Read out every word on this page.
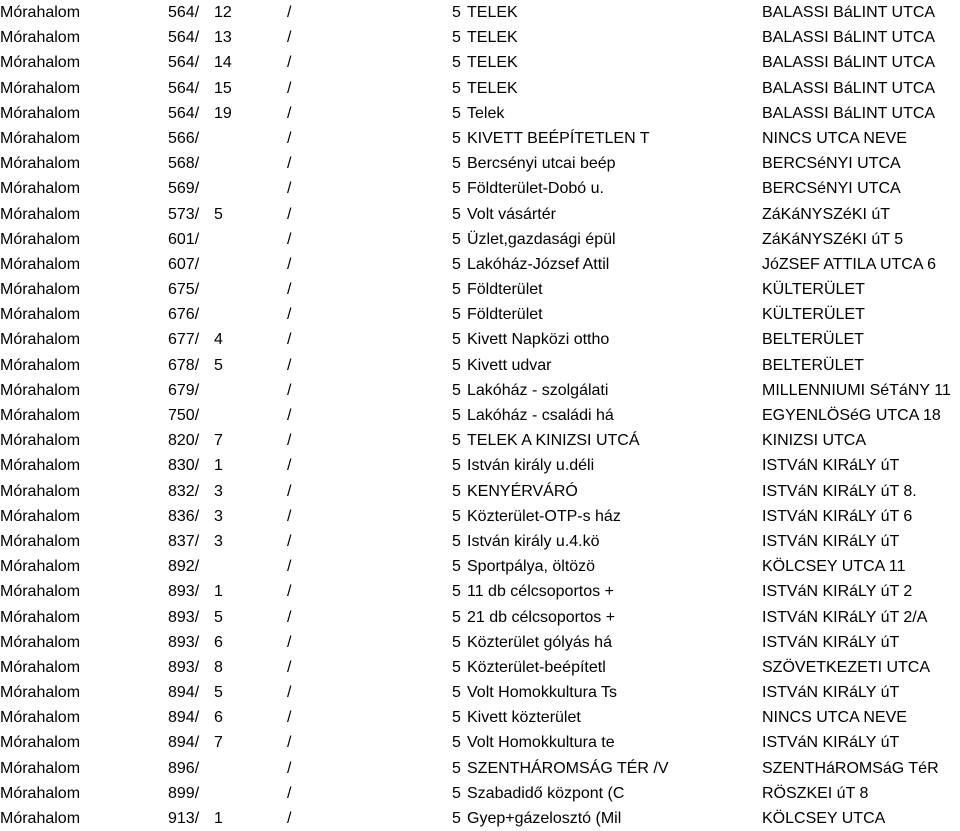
Mórahalom	564/ 12	/	5 TELEK	BALASSI BáLINT UTCA
Mórahalom	564/ 13	/	5 TELEK	BALASSI BáLINT UTCA
Mórahalom	564/ 14	/	5 TELEK	BALASSI BáLINT UTCA
Mórahalom	564/ 15	/	5 TELEK	BALASSI BáLINT UTCA
Mórahalom	564/ 19	/	5 Telek	BALASSI BáLINT UTCA
Mórahalom	566/	/	5 KIVETT BEÉPÍTETLEN T	NINCS UTCA NEVE
Mórahalom	568/	/	5 Bercsényi utcai beép	BERCSéNYI UTCA
Mórahalom	569/	/	5 Földterület-Dobó u.	BERCSéNYI UTCA
Mórahalom	573/ 5	/	5 Volt vásártér	ZáKáNYSZéKI úT
Mórahalom	601/	/	5 Üzlet,gazdasági épül	ZáKáNYSZéKI úT 5
Mórahalom	607/	/	5 Lakóház-József Attil	JóZSEF ATTILA UTCA 6
Mórahalom	675/	/	5 Földterület	KÜLTERÜLET
Mórahalom	676/	/	5 Földterület	KÜLTERÜLET
Mórahalom	677/ 4	/	5 Kivett Napközi ottho	BELTERÜLET
Mórahalom	678/ 5	/	5 Kivett udvar	BELTERÜLET
Mórahalom	679/	/	5 Lakóház - szolgálati	MILLENNIUMI SéTáNY 11
Mórahalom	750/	/	5 Lakóház - családi há	EGYENLÖSéG UTCA 18
Mórahalom	820/ 7	/	5 TELEK A KINIZSI UTCÁ	KINIZSI UTCA
Mórahalom	830/ 1	/	5 István király u.déli	ISTVáN KIRáLY úT
Mórahalom	832/ 3	/	5 KENYÉRVÁRÓ	ISTVáN KIRáLY úT 8.
Mórahalom	836/ 3	/	5 Közterület-OTP-s ház	ISTVáN KIRáLY úT 6
Mórahalom	837/ 3	/	5 István király u.4.kö	ISTVáN KIRáLY úT
Mórahalom	892/	/	5 Sportpálya, öltözö	KÖLCSEY UTCA 11
Mórahalom	893/ 1	/	5 11 db célcsoportos +	ISTVáN KIRáLY úT 2
Mórahalom	893/ 5	/	5 21 db célcsoportos +	ISTVáN KIRáLY úT 2/A
Mórahalom	893/ 6	/	5 Közterület gólyás há	ISTVáN KIRáLY úT
Mórahalom	893/ 8	/	5 Közterület-beépítetl	SZÖVETKEZETI UTCA
Mórahalom	894/ 5	/	5 Volt Homokkultura Ts	ISTVáN KIRáLY úT
Mórahalom	894/ 6	/	5 Kivett közterület	NINCS UTCA NEVE
Mórahalom	894/ 7	/	5 Volt Homokkultura te	ISTVáN KIRáLY úT
Mórahalom	896/	/	5 SZENTHÁROMSÁG TÉR /V	SZENTHáROMSáG TéR
Mórahalom	899/	/	5 Szabadidő központ (C	RÖSZKEI úT 8
Mórahalom	913/ 1	/	5 Gyep+gázelosztó (Mil	KÖLCSEY UTCA
